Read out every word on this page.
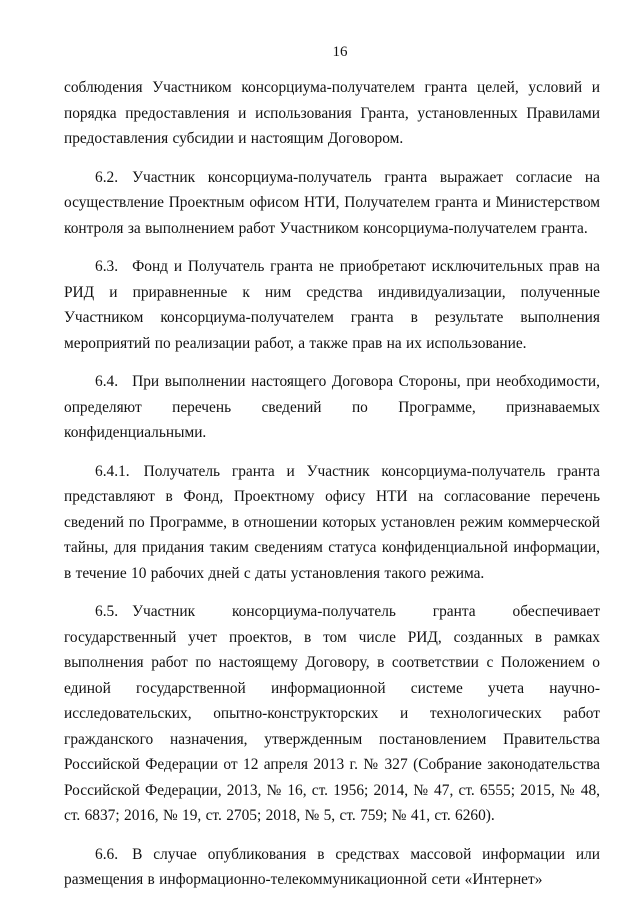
16

соблюдения Участником консорциума-получателем гранта целей, условий и порядка предоставления и использования Гранта, установленных Правилами предоставления субсидии и настоящим Договором.

6.2. Участник консорциума-получатель гранта выражает согласие на осуществление Проектным офисом НТИ, Получателем гранта и Министерством контроля за выполнением работ Участником консорциума-получателем гранта.

6.3. Фонд и Получатель гранта не приобретают исключительных прав на РИД и приравненные к ним средства индивидуализации, полученные Участником консорциума-получателем гранта в результате выполнения мероприятий по реализации работ, а также прав на их использование.

6.4. При выполнении настоящего Договора Стороны, при необходимости, определяют перечень сведений по Программе, признаваемых конфиденциальными.

6.4.1. Получатель гранта и Участник консорциума-получатель гранта представляют в Фонд, Проектному офису НТИ на согласование перечень сведений по Программе, в отношении которых установлен режим коммерческой тайны, для придания таким сведениям статуса конфиденциальной информации, в течение 10 рабочих дней с даты установления такого режима.

6.5. Участник консорциума-получатель гранта обеспечивает государственный учет проектов, в том числе РИД, созданных в рамках выполнения работ по настоящему Договору, в соответствии с Положением о единой государственной информационной системе учета научно-исследовательских, опытно-конструкторских и технологических работ гражданского назначения, утвержденным постановлением Правительства Российской Федерации от 12 апреля 2013 г. № 327 (Собрание законодательства Российской Федерации, 2013, № 16, ст. 1956; 2014, № 47, ст. 6555; 2015, № 48, ст. 6837; 2016, № 19, ст. 2705; 2018, № 5, ст. 759; № 41, ст. 6260).

6.6. В случае опубликования в средствах массовой информации или размещения в информационно-телекоммуникационной сети «Интернет»
